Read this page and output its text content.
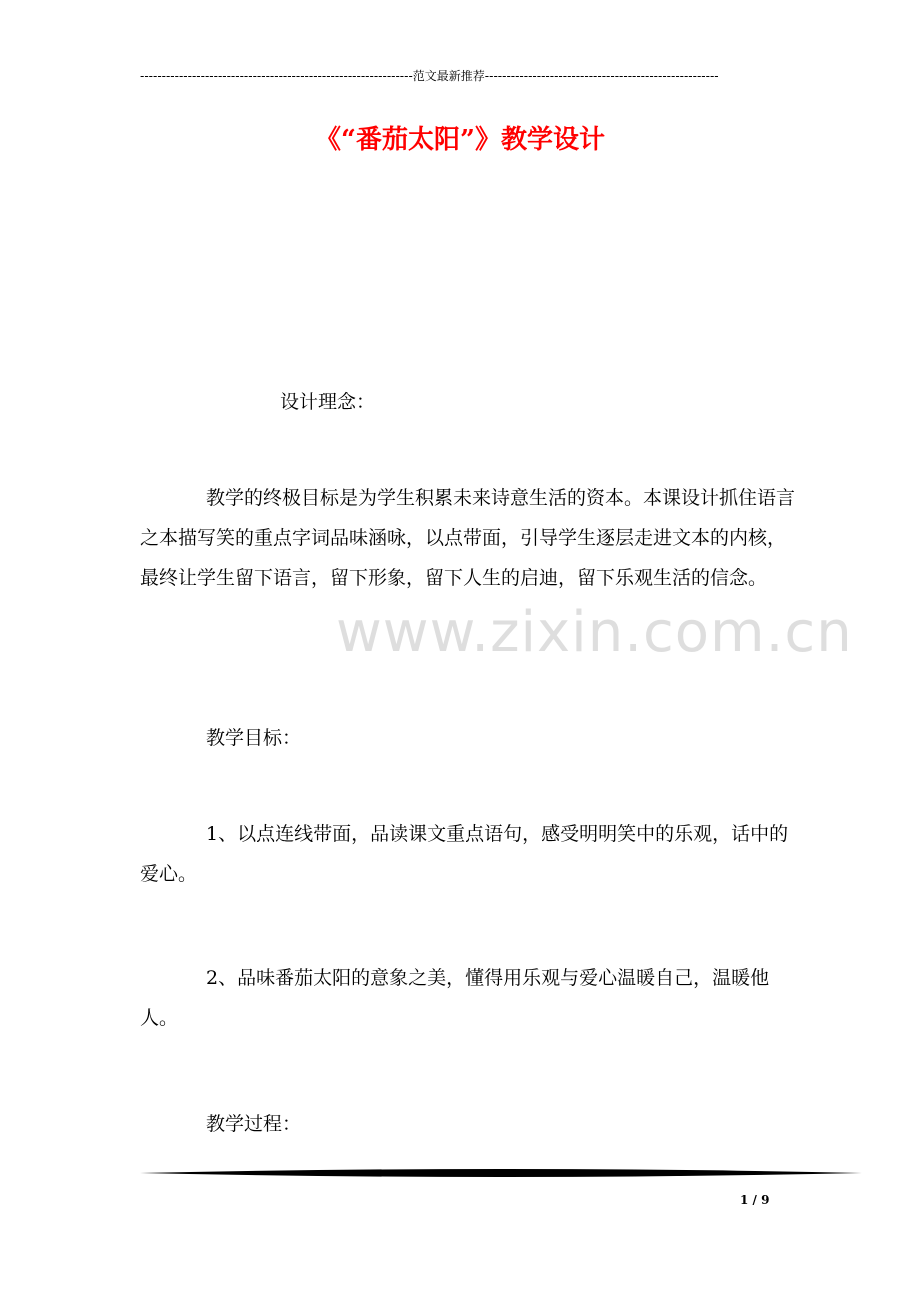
---------------------------------------------------------------范文最新推荐------------------------------------------------------
《“番茄太阳”》教学设计
www.zixin.com.cn
设计理念：
教学的终极目标是为学生积累未来诗意生活的资本。本课设计抓住语言之本描写笑的重点字词品味涵咏，以点带面，引导学生逐层走进文本的内核，最终让学生留下语言，留下形象，留下人生的启迪，留下乐观生活的信念。
教学目标：
1、以点连线带面，品读课文重点语句，感受明明笑中的乐观，话中的爱心。
2、品味番茄太阳的意象之美，懂得用乐观与爱心温暖自己，温暖他人。
教学过程：
1 / 9
